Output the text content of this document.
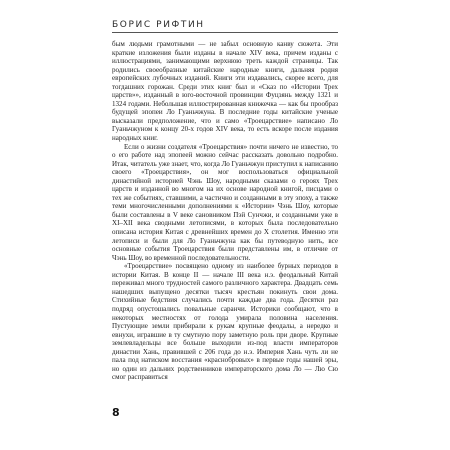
БОРИС РИФТИН

бым людьми грамотными — не забыл основную канву сюжета. Эти краткие изложения были изданы в начале XIV века, причем изданы с иллюстрациями, занимающими верхнюю треть каждой страницы. Так родились своеобразные китайские народные книги, дальняя родня европейских лубочных изданий. Книги эти издавались, скорее всего, для тогдашних горожан. Среди этих книг был и «Сказ по «Истории Трех царств»», изданный в юго-восточной провинции Фуцзянь между 1321 и 1324 годами. Небольшая иллюстрированная книжечка — как бы прообраз будущей эпопеи Ло Гуаньчжуна. В последние годы китайские ученые высказали предположение, что и само «Троецарствие» написано Ло Гуаньчжуном к концу 20-х годов XIV века, то есть вскоре после издания народных книг.

Если о жизни создателя «Троецарствия» почти ничего не известно, то о его работе над эпопеей можно сейчас рассказать довольно подробно. Итак, читатель уже знает, что, когда Ло Гуаньчжун приступил к написанию своего «Троецарствия», он мог воспользоваться официальной династийной историей Чэнь Шоу, народными сказами о героях Трех царств и изданной во многом на их основе народной книгой, писцами о тех же событиях, ставшими, а частично и созданными в эту эпоху, а также теми многочисленными дополнениями к «Истории» Чэнь Шоу, которые были составлены в V веке сановником Пэй Сунчжи, и созданными уже в XI–XII века сводными летописями, в которых была последовательно описана история Китая с древнейших времен до X столетия. Именно эти летописи и были для Ло Гуаньчжуна как бы путеводную нить, все основные события Троецарствия были представлены им, в отличие от Чэнь Шоу, во временной последовательности.

«Троецарствие» посвящено одному из наиболее бурных периодов в истории Китая. В конце II — начале III века н.э. феодальный Китай переживал много трудностей самого различного характера. Двадцать семь нашедших выпущено десятки тысяч крестьян покинуть свои дома. Стихийные бедствия случались почти каждые два года. Десятки раз подряд опустошались повальные саранчи. Историки сообщают, что в некоторых местностях от голода умирала половина населения. Пустующие земли прибирали к рукам крупные феодалы, а нередко и евнухи, игравшие в ту смутную пору заметную роль при дворе. Крупные землевладельцы все больше выходили из-под власти императоров династии Хань, правившей с 206 года до н.э. Империя Хань чуть ли не пала под натиском восстания «краснобровых» в первые годы нашей эры, но один из дальних родственников императорского дома Ло — Лю Сю смог расправиться

8
